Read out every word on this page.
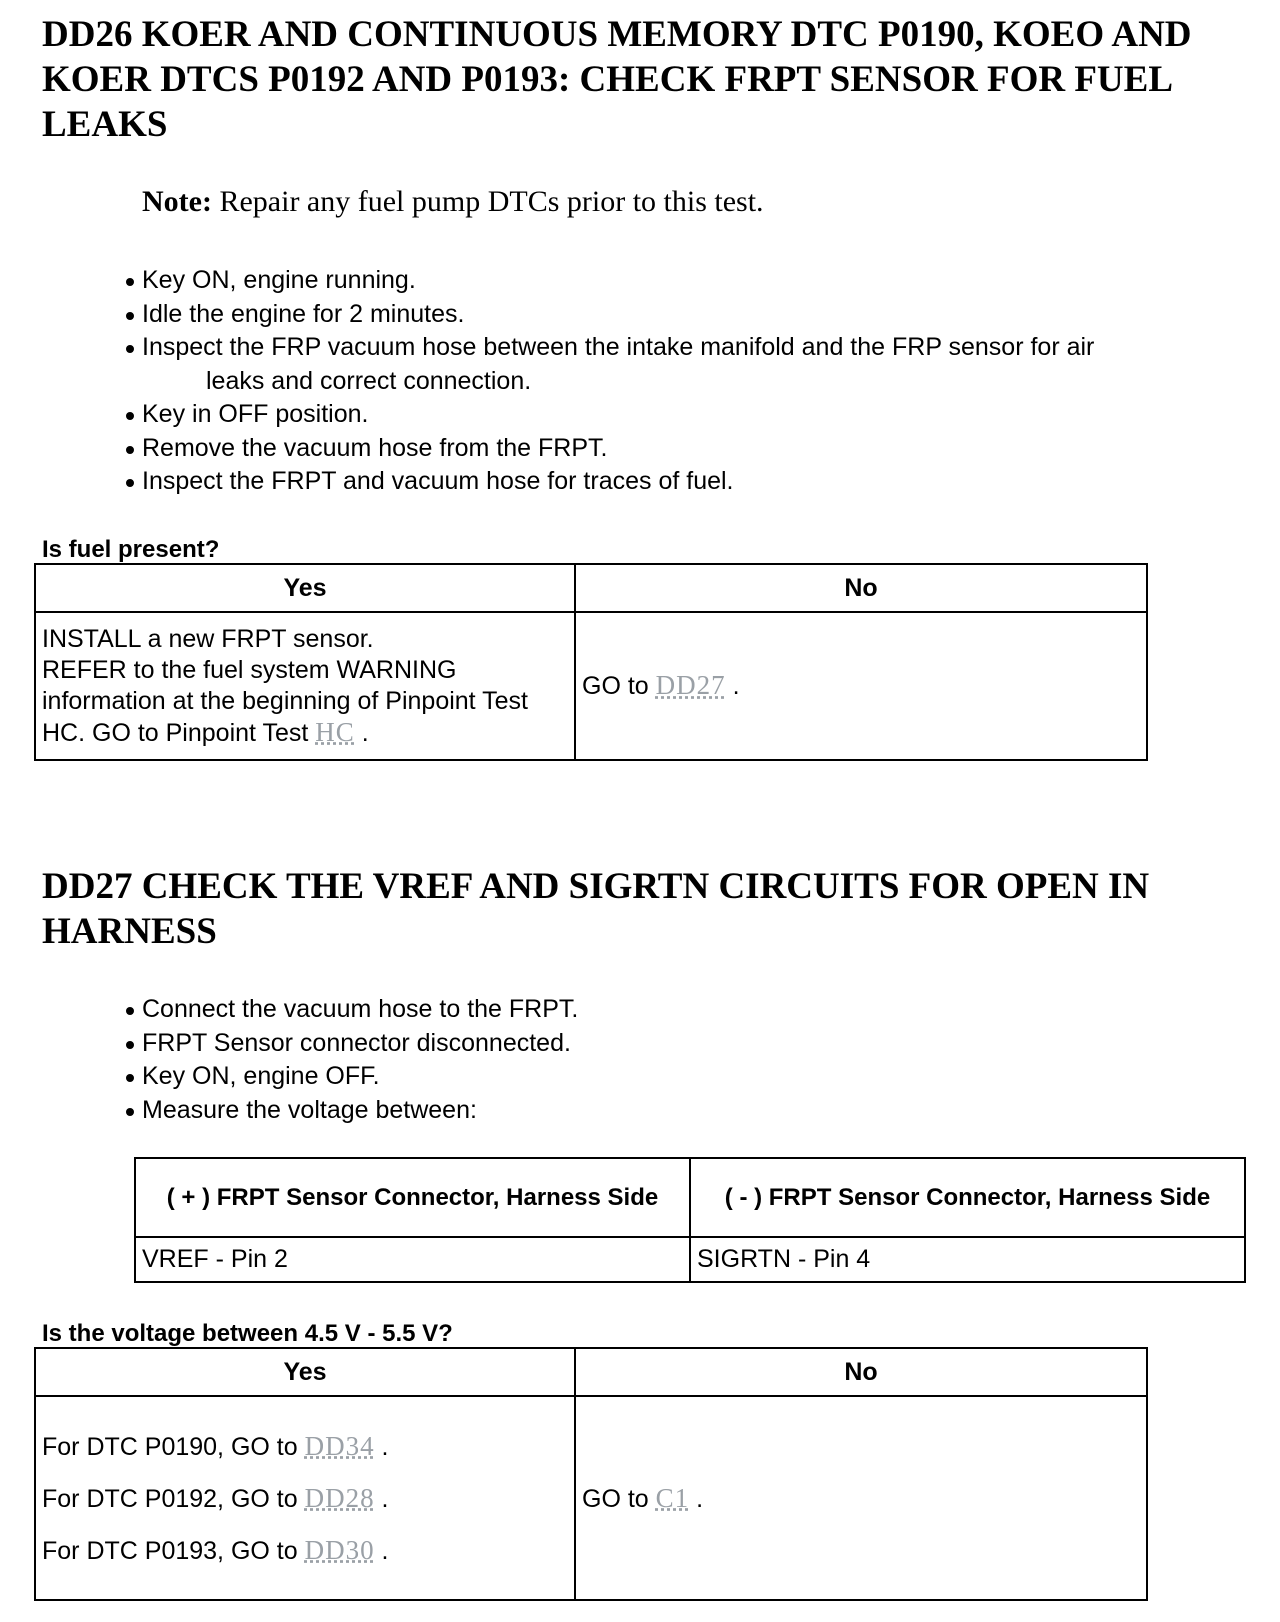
DD26 KOER AND CONTINUOUS MEMORY DTC P0190, KOEO AND KOER DTCS P0192 AND P0193: CHECK FRPT SENSOR FOR FUEL LEAKS
Note: Repair any fuel pump DTCs prior to this test.
Key ON, engine running.
Idle the engine for 2 minutes.
Inspect the FRP vacuum hose between the intake manifold and the FRP sensor for air
leaks and correct connection.
Key in OFF position.
Remove the vacuum hose from the FRPT.
Inspect the FRPT and vacuum hose for traces of fuel.
Is fuel present?
Yes	No

INSTALL a new FRPT sensor.
REFER to the fuel system WARNING
information at the beginning of Pinpoint Test
HC. GO to Pinpoint Test HC .	GO to DD27 .
DD27 CHECK THE VREF AND SIGRTN CIRCUITS FOR OPEN IN HARNESS
Connect the vacuum hose to the FRPT.
FRPT Sensor connector disconnected.
Key ON, engine OFF.
Measure the voltage between:
( + ) FRPT Sensor Connector, Harness Side	( - ) FRPT Sensor Connector, Harness Side
VREF - Pin 2	SIGRTN - Pin 4
Is the voltage between 4.5 V - 5.5 V?
Yes	No

For DTC P0190, GO to DD34 .
For DTC P0192, GO to DD28 .
For DTC P0193, GO to DD30 .	GO to C1 .
